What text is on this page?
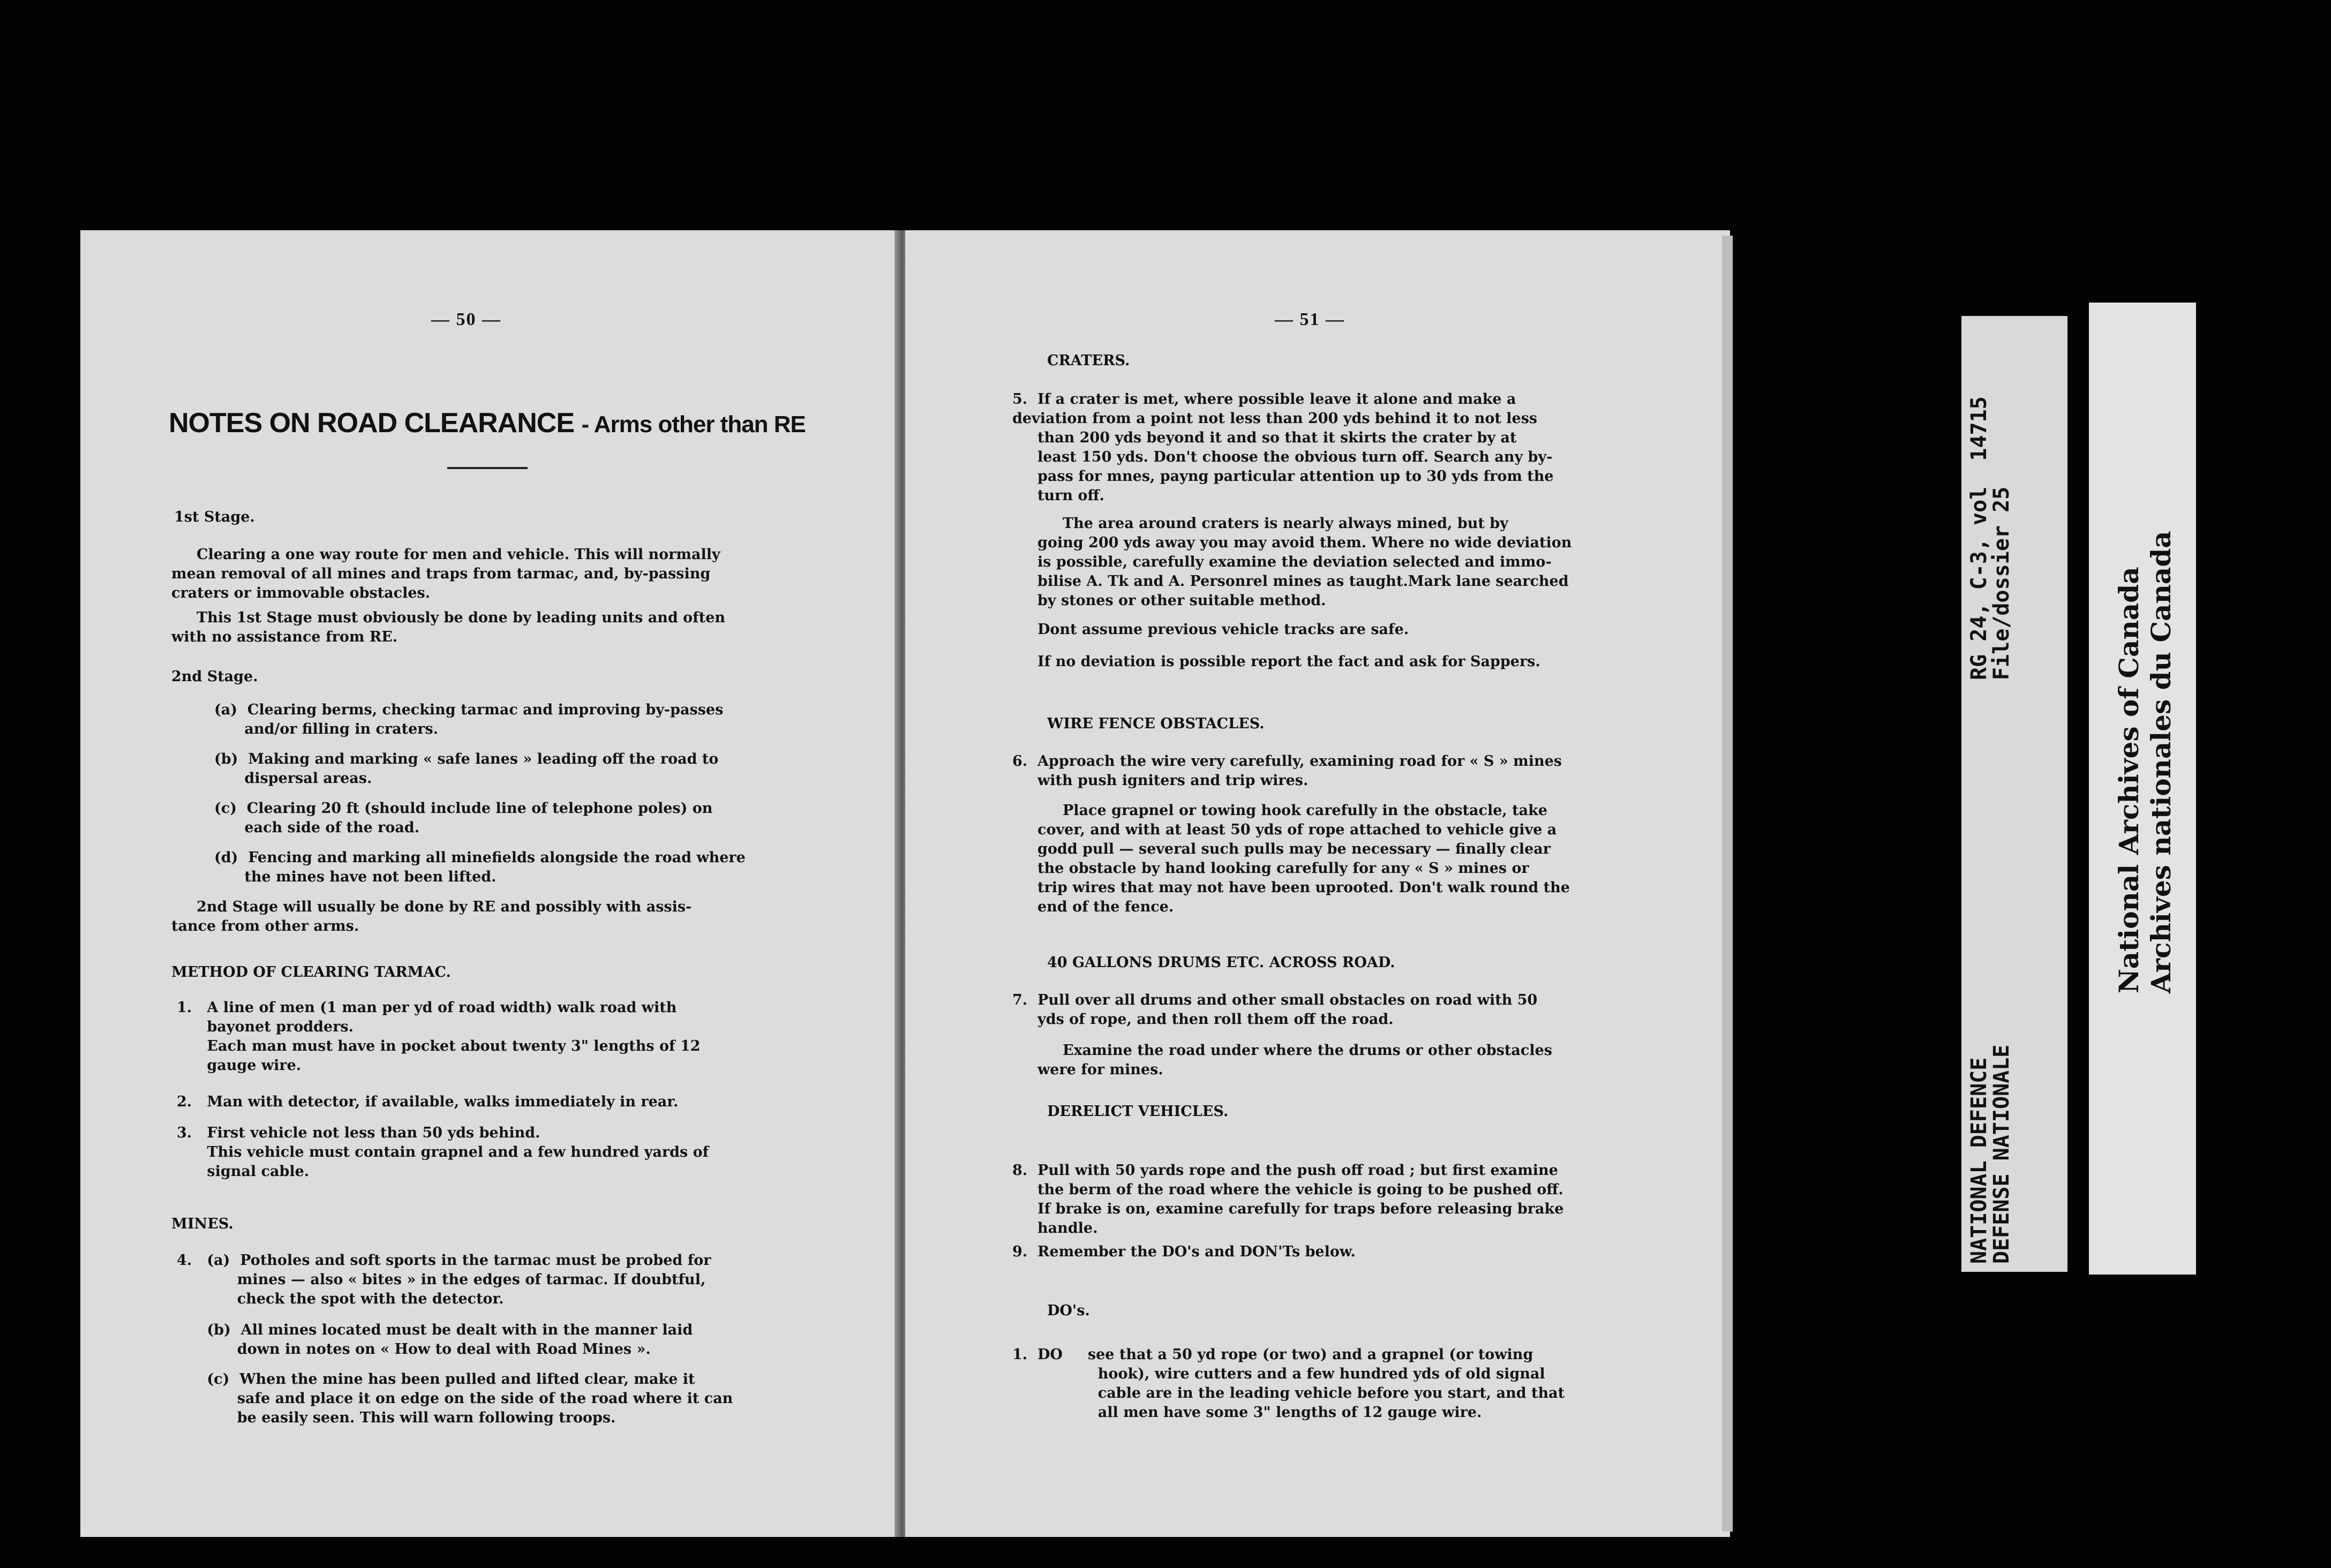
— 50 —
NOTES ON ROAD CLEARANCE - Arms other than RE
1st Stage.
Clearing a one way route for men and vehicle. This will normally
mean removal of all mines and traps from tarmac, and, by-passing
craters or immovable obstacles.
This 1st Stage must obviously be done by leading units and often
with no assistance from RE.
2nd Stage.
(a)  Clearing berms, checking tarmac and improving by-passes
and/or filling in craters.
(b)  Making and marking « safe lanes » leading off the road to
dispersal areas.
(c)  Clearing 20 ft (should include line of telephone poles) on
each side of the road.
(d)  Fencing and marking all minefields alongside the road where
the mines have not been lifted.
2nd Stage will usually be done by RE and possibly with assis-
tance from other arms.
METHOD OF CLEARING TARMAC.
1.   A line of men (1 man per yd of road width) walk road with
bayonet prodders.
Each man must have in pocket about twenty 3" lengths of 12
gauge wire.
2.   Man with detector, if available, walks immediately in rear.
3.   First vehicle not less than 50 yds behind.
This vehicle must contain grapnel and a few hundred yards of
signal cable.
MINES.
4.   (a)  Potholes and soft sports in the tarmac must be probed for
mines — also « bites » in the edges of tarmac. If doubtful,
check the spot with the detector.
(b)  All mines located must be dealt with in the manner laid
down in notes on « How to deal with Road Mines ».
(c)  When the mine has been pulled and lifted clear, make it
safe and place it on edge on the side of the road where it can
be easily seen. This will warn following troops.
— 51 —
CRATERS.
5.  If a crater is met, where possible leave it alone and make a
deviation from a point not less than 200 yds behind it to not less
than 200 yds beyond it and so that it skirts the crater by at
least 150 yds. Don't choose the obvious turn off. Search any by-
pass for mnes, payng particular attention up to 30 yds from the
turn off.
The area around craters is nearly always mined, but by
going 200 yds away you may avoid them. Where no wide deviation
is possible, carefully examine the deviation selected and immo-
bilise A. Tk and A. Personrel mines as taught.Mark lane searched
by stones or other suitable method.
Dont assume previous vehicle tracks are safe.
If no deviation is possible report the fact and ask for Sappers.
WIRE FENCE OBSTACLES.
6.  Approach the wire very carefully, examining road for « S » mines
with push igniters and trip wires.
Place grapnel or towing hook carefully in the obstacle, take
cover, and with at least 50 yds of rope attached to vehicle give a
godd pull — several such pulls may be necessary — finally clear
the obstacle by hand looking carefully for any « S » mines or
trip wires that may not have been uprooted. Don't walk round the
end of the fence.
40 GALLONS DRUMS ETC. ACROSS ROAD.
7.  Pull over all drums and other small obstacles on road with 50
yds of rope, and then roll them off the road.
Examine the road under where the drums or other obstacles
were for mines.
DERELICT VEHICLES.
8.  Pull with 50 yards rope and the push off road ; but first examine
the berm of the road where the vehicle is going to be pushed off.
If brake is on, examine carefully for traps before releasing brake
handle.
9.  Remember the DO's and DON'Ts below.
DO's.
1.  DO     see that a 50 yd rope (or two) and a grapnel (or towing
hook), wire cutters and a few hundred yds of old signal
cable are in the leading vehicle before you start, and that
all men have some 3" lengths of 12 gauge wire.
NATIONAL DEFENCE
DEFENSE NATIONALE
RG 24, C-3, vol  14715
File/dossier 25	National Archives of Canada
Archives nationales du Canada
